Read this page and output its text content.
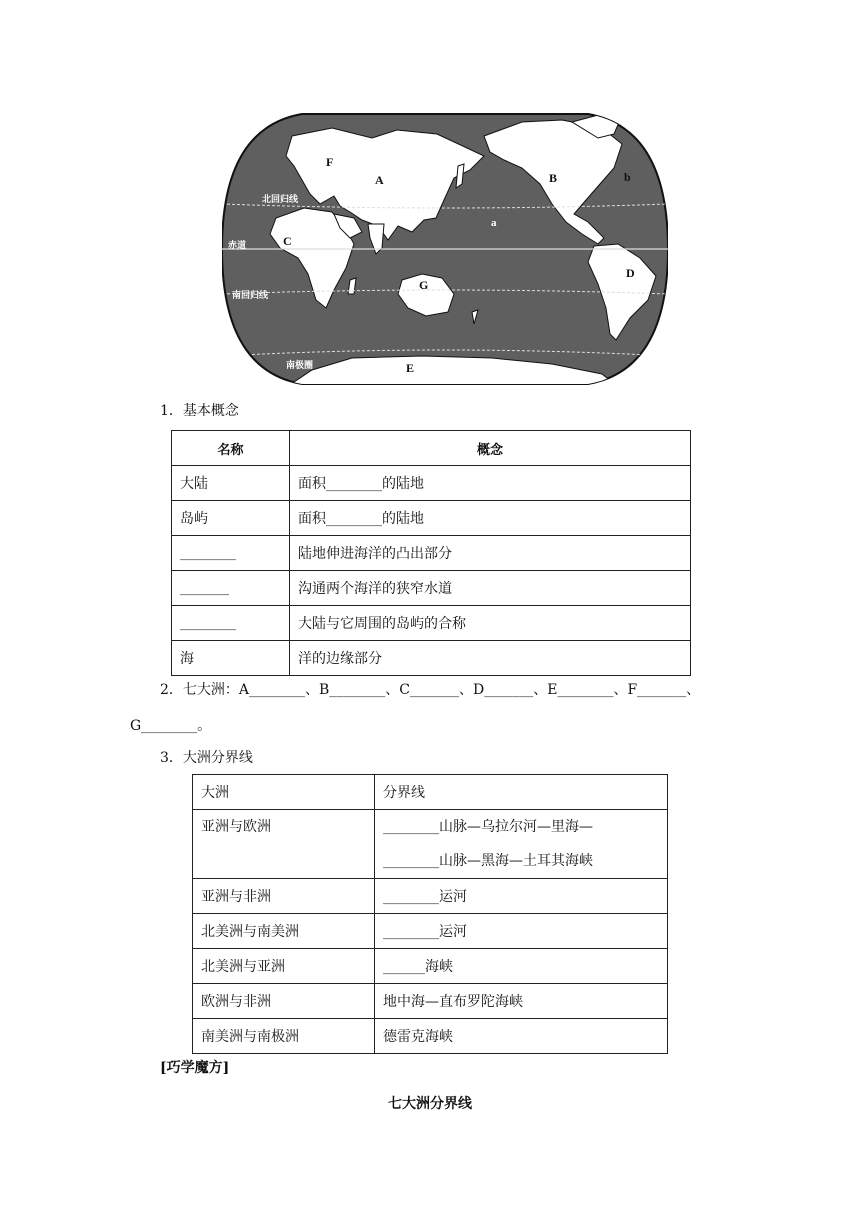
北回归线
赤道
南回归线
南极圈
A	B
C
D
E
F
G
a
b
1．基本概念
名称	概念
大陆	面积________的陆地
岛屿	面积________的陆地
________	陆地伸进海洋的凸出部分
_______	沟通两个海洋的狭窄水道
________	大陆与它周围的岛屿的合称
海	洋的边缘部分
2．七大洲：A________、B________、C_______、D_______、E________、F_______、
G________。
3．大洲分界线
大洲	分界线

亚洲与欧洲	________山脉—乌拉尔河—里海—
________山脉—黑海—土耳其海峡

亚洲与非洲	________运河
北美洲与南美洲	________运河
北美洲与亚洲	______海峡
欧洲与非洲	地中海—直布罗陀海峡
南美洲与南极洲	德雷克海峡
[巧学魔方]
七大洲分界线
